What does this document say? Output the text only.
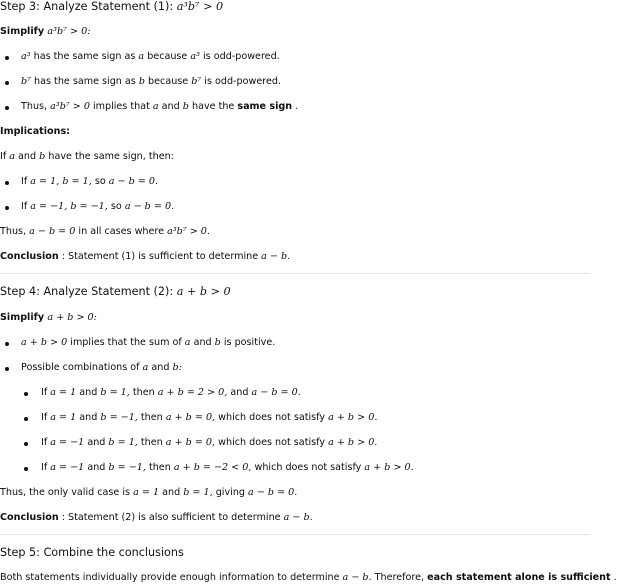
Step 3: Analyze Statement (1): a³b⁷ > 0
Simplify a³b⁷ > 0:
a³ has the same sign as a because a³ is odd-powered.
b⁷ has the same sign as b because b⁷ is odd-powered.
Thus, a³b⁷ > 0 implies that a and b have the same sign .
Implications:
If a and b have the same sign, then:
If a = 1, b = 1, so a − b = 0.
If a = −1, b = −1, so a − b = 0.
Thus, a − b = 0 in all cases where a³b⁷ > 0.
Conclusion : Statement (1) is sufficient to determine a − b.
Step 4: Analyze Statement (2): a + b > 0
Simplify a + b > 0:
a + b > 0 implies that the sum of a and b is positive.
Possible combinations of a and b:
If a = 1 and b = 1, then a + b = 2 > 0, and a − b = 0.
If a = 1 and b = −1, then a + b = 0, which does not satisfy a + b > 0.
If a = −1 and b = 1, then a + b = 0, which does not satisfy a + b > 0.
If a = −1 and b = −1, then a + b = −2 < 0, which does not satisfy a + b > 0.
Thus, the only valid case is a = 1 and b = 1, giving a − b = 0.
Conclusion : Statement (2) is also sufficient to determine a − b.
Step 5: Combine the conclusions
Both statements individually provide enough information to determine a − b. Therefore, each statement alone is sufficient .
